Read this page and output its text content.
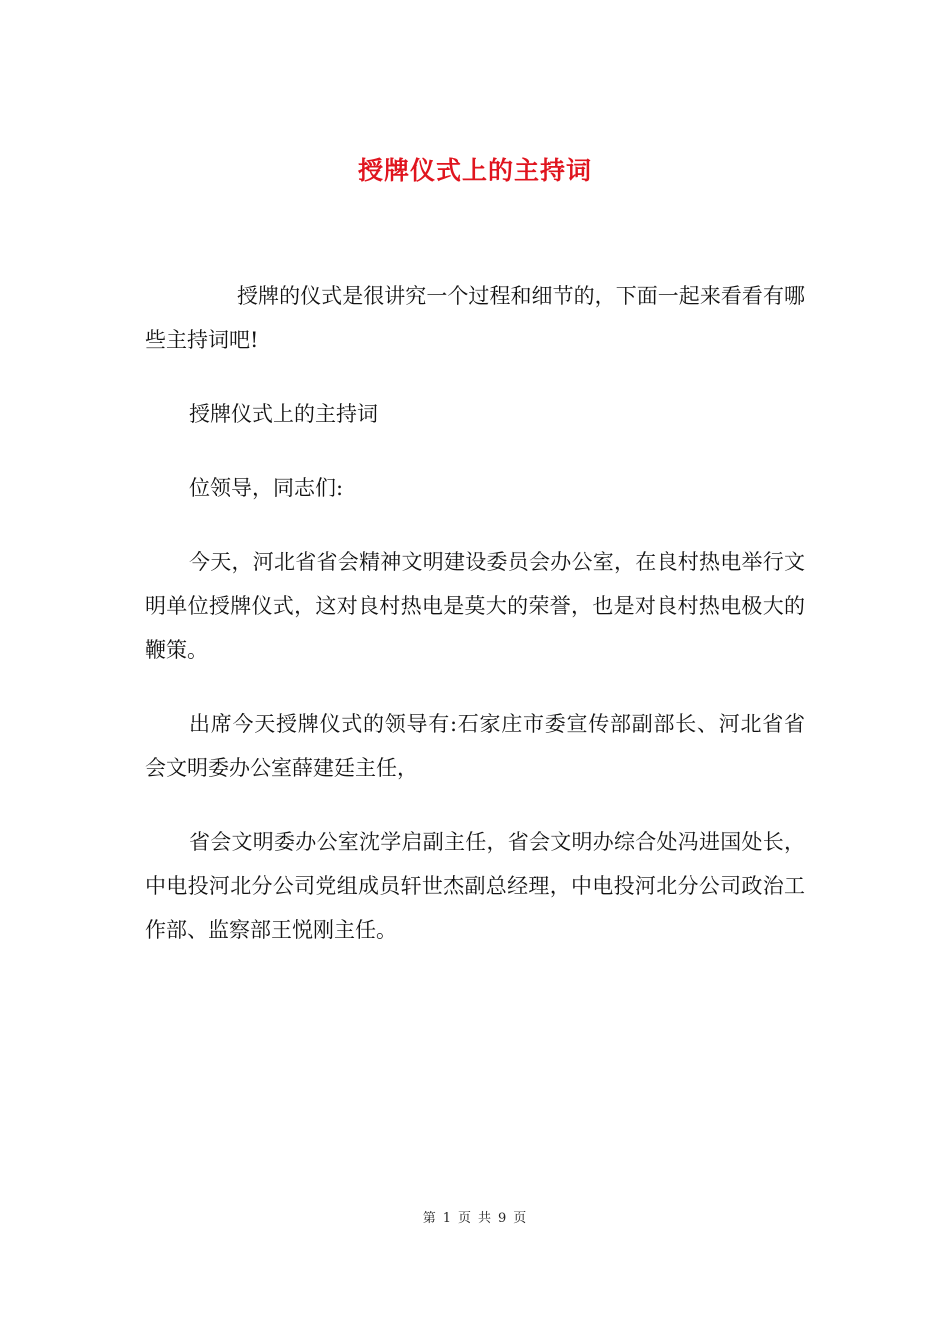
授牌仪式上的主持词

授牌的仪式是很讲究一个过程和细节的，下面一起来看看有哪些主持词吧!

授牌仪式上的主持词

位领导，同志们:

今天，河北省省会精神文明建设委员会办公室，在良村热电举行文明单位授牌仪式，这对良村热电是莫大的荣誉，也是对良村热电极大的鞭策。

出席今天授牌仪式的领导有:石家庄市委宣传部副部长、河北省省会文明委办公室薛建廷主任，

省会文明委办公室沈学启副主任，省会文明办综合处冯进国处长，中电投河北分公司党组成员轩世杰副总经理，中电投河北分公司政治工作部、监察部王悦刚主任。

第 1 页 共 9 页
